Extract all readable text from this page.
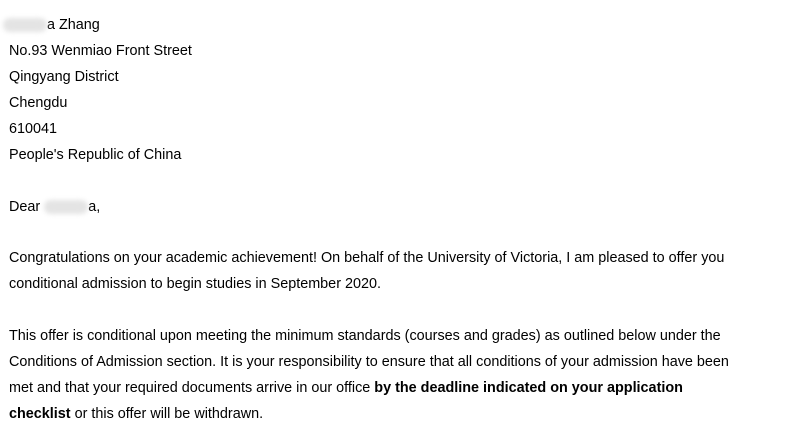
a Zhang
No.93 Wenmiao Front Street
Qingyang District
Chengdu
610041
People's Republic of China
Dear	a,
Congratulations on your academic achievement! On behalf of the University of Victoria, I am pleased to offer you
conditional admission to begin studies in September 2020.
This offer is conditional upon meeting the minimum standards (courses and grades) as outlined below under the
Conditions of Admission section. It is your responsibility to ensure that all conditions of your admission have been
met and that your required documents arrive in our office by the deadline indicated on your application
checklist or this offer will be withdrawn.
